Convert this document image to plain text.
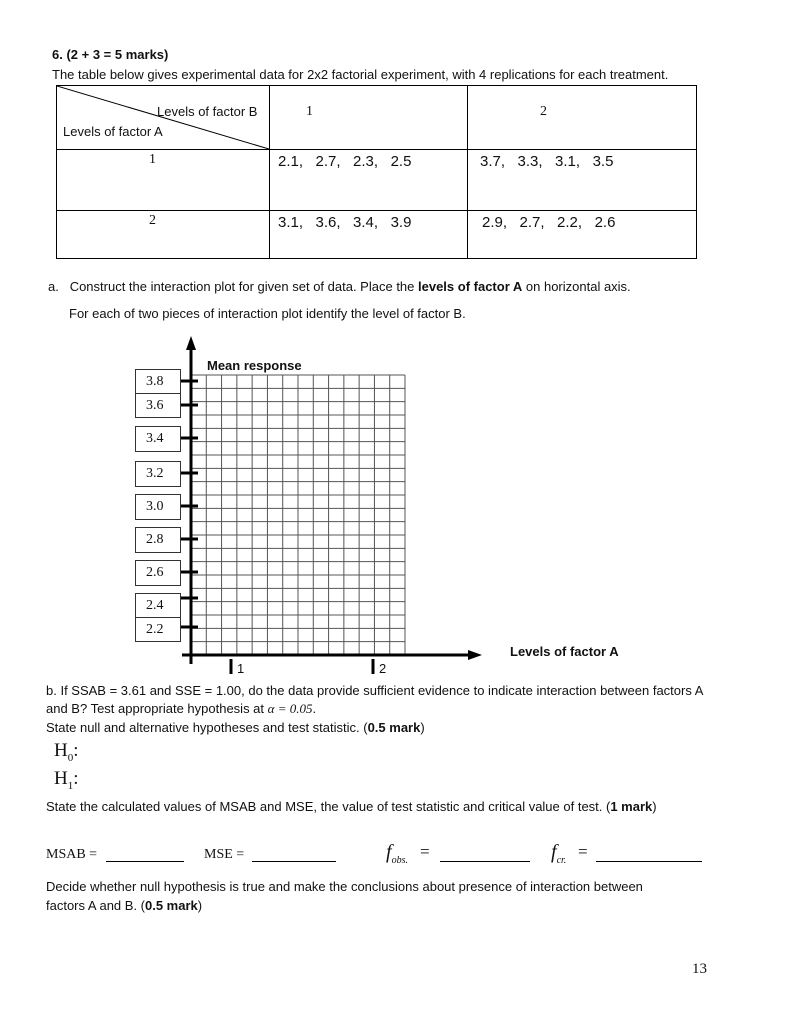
6. (2 + 3 = 5 marks)
The table below gives experimental data for 2x2 factorial experiment, with 4 replications for each treatment.
Levels of factor B
Levels of factor A	1	2

1	2.1,   2.7,   2.3,   2.5	3.7,   3.3,   3.1,   3.5

2	3.1,   3.6,   3.4,   3.9	2.9,   2.7,   2.2,   2.6
a. Construct the interaction plot for given set of data. Place the levels of factor A on horizontal axis.
For each of two pieces of interaction plot identify the level of factor B.
Mean response
Levels of factor A
1	2
3.8
3.6
3.4
3.2
3.0
2.8
2.6
2.4
2.2
b. If SSAB = 3.61 and SSE = 1.00, do the data provide sufficient evidence to indicate interaction between factors A
and B? Test appropriate hypothesis at α = 0.05.
State null and alternative hypotheses and test statistic. (0.5 mark)
$H_0$:
$H_1$:
State the calculated values of MSAB and MSE, the value of test statistic and critical value of test. (1 mark)
MSAB =	MSE =	$f_{obs.}$ =	$f_{cr.}$ =
Decide whether null hypothesis is true and make the conclusions about presence of interaction between
factors A and B. (0.5 mark)
13
